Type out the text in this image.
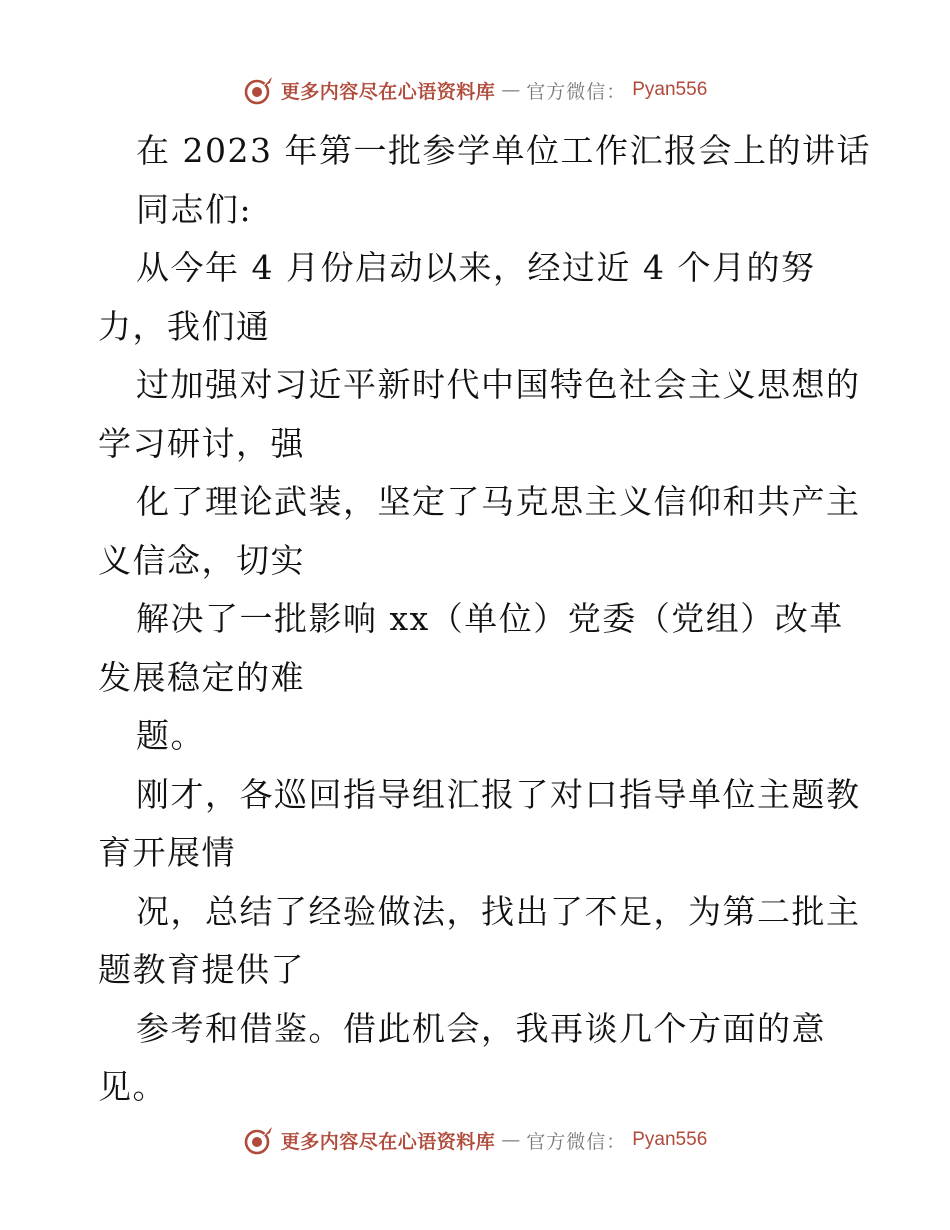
更多内容尽在心语资料库 — 官方微信： Pyan556
在 2023 年第一批参学单位工作汇报会上的讲话
同志们:
从今年 4 月份启动以来，经过近 4 个月的努
力，我们通
过加强对习近平新时代中国特色社会主义思想的
学习研讨，强
化了理论武装，坚定了马克思主义信仰和共产主
义信念，切实
解决了一批影响 xx（单位）党委（党组）改革
发展稳定的难
题。
刚才，各巡回指导组汇报了对口指导单位主题教
育开展情
况，总结了经验做法，找出了不足，为第二批主
题教育提供了
参考和借鉴。借此机会，我再谈几个方面的意
见。
更多内容尽在心语资料库 — 官方微信： Pyan556
